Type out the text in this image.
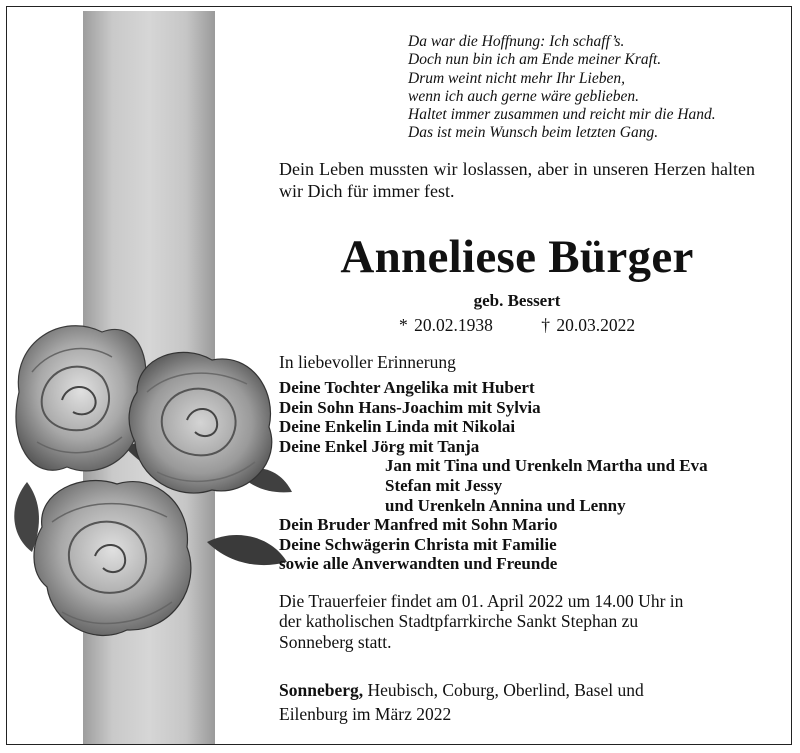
Da war die Hoffnung: Ich schaff’s.
Doch nun bin ich am Ende meiner Kraft.
Drum weint nicht mehr Ihr Lieben,
wenn ich auch gerne wäre geblieben.
Haltet immer zusammen und reicht mir die Hand.
Das ist mein Wunsch beim letzten Gang.
Dein Leben mussten wir loslassen, aber in unseren Herzen halten wir Dich für immer fest.
Anneliese Bürger
geb. Bessert
* 20.02.1938	† 20.03.2022
In liebevoller Erinnerung
Deine Tochter Angelika mit Hubert
Dein Sohn Hans-Joachim mit Sylvia
Deine Enkelin Linda mit Nikolai
Deine Enkel Jörg mit Tanja
Jan mit Tina und Urenkeln Martha und Eva
Stefan mit Jessy
und Urenkeln Annina und Lenny
Dein Bruder Manfred mit Sohn Mario
Deine Schwägerin Christa mit Familie
sowie alle Anverwandten und Freunde
Die Trauerfeier findet am 01. April 2022 um 14.00 Uhr in
der katholischen Stadtpfarrkirche Sankt Stephan zu
Sonneberg statt.
Sonneberg, Heubisch, Coburg, Oberlind, Basel und
Eilenburg im März 2022
